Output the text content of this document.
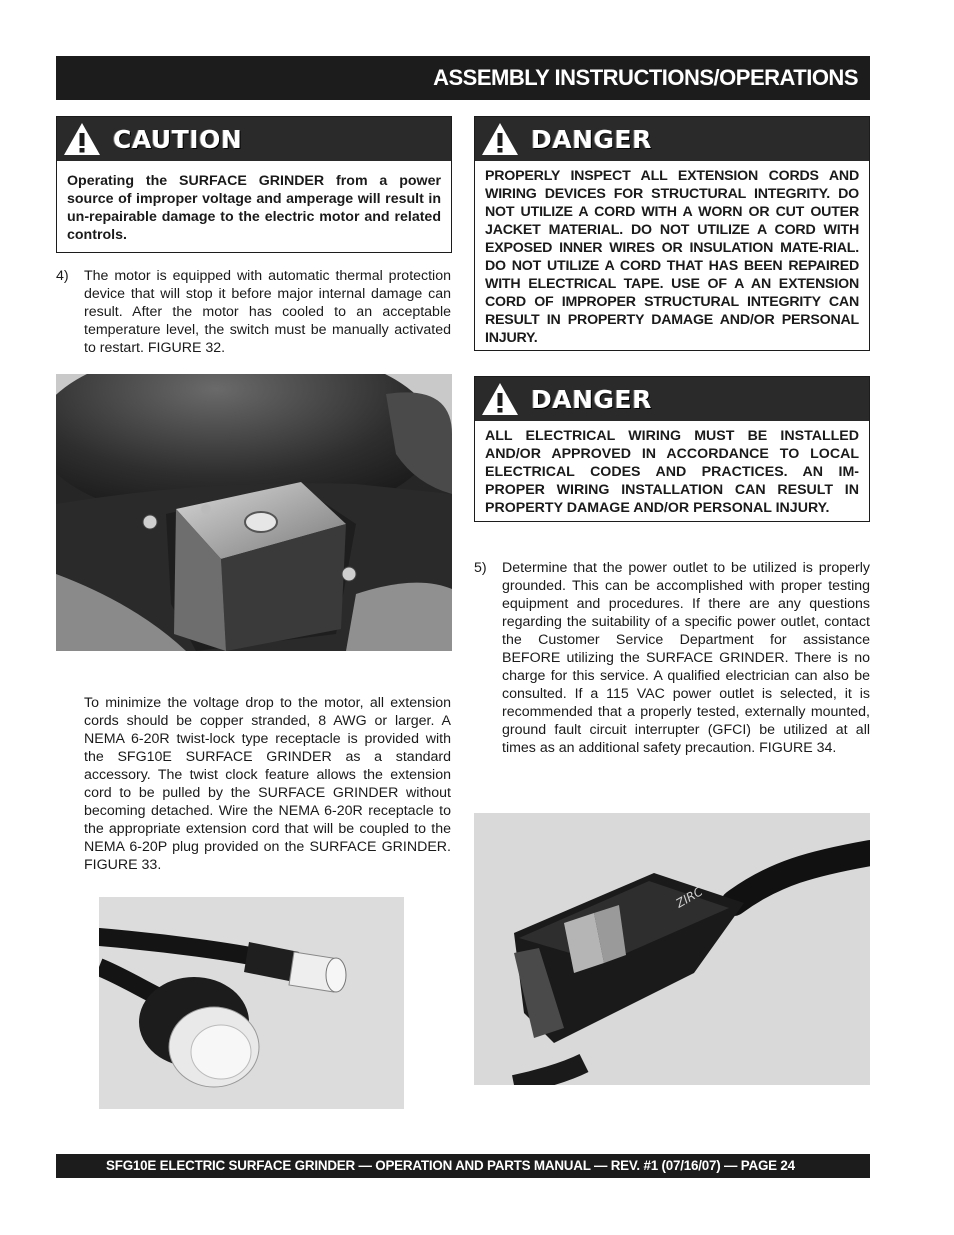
ASSEMBLY INSTRUCTIONS/OPERATIONS
CAUTION

Operating the SURFACE GRINDER from a power source of improper voltage and amperage will result in un-repairable damage to the electric motor and related controls.

DANGER

PROPERLY INSPECT ALL EXTENSION CORDS AND WIRING DEVICES FOR STRUCTURAL INTEGRITY. DO NOT UTILIZE A CORD WITH A WORN OR CUT OUTER JACKET MATERIAL. DO NOT UTILIZE A CORD WITH EXPOSED INNER WIRES OR INSULATION MATE-RIAL. DO NOT UTILIZE A CORD THAT HAS BEEN REPAIRED WITH ELECTRICAL TAPE. USE OF A AN EXTENSION CORD OF IMPROPER STRUCTURAL INTEGRITY CAN RESULT IN PROPERTY DAMAGE AND/OR PERSONAL INJURY.

4) The motor is equipped with automatic thermal protection device that will stop it before major internal damage can result. After the motor has cooled to an acceptable temperature level, the switch must be manually activated to restart. FIGURE 32.

DANGER

ALL ELECTRICAL WIRING MUST BE INSTALLED AND/OR APPROVED IN ACCORDANCE TO LOCAL ELECTRICAL CODES AND PRACTICES. AN IM-PROPER WIRING INSTALLATION CAN RESULT IN PROPERTY DAMAGE AND/OR PERSONAL INJURY.

5) Determine that the power outlet to be utilized is properly grounded. This can be accomplished with proper testing equipment and procedures. If there are any questions regarding the suitability of a specific power outlet, contact the Customer Service Department for assistance BEFORE utilizing the SURFACE GRINDER. There is no charge for this service. A qualified electrician can also be consulted. If a 115 VAC power outlet is selected, it is recommended that a properly tested, externally mounted, ground fault circuit interrupter (GFCI) be utilized at all times as an additional safety precaution. FIGURE 34.

To minimize the voltage drop to the motor, all extension cords should be copper stranded, 8 AWG or larger. A NEMA 6-20R twist-lock type receptacle is provided with the SFG10E SURFACE GRINDER as a standard accessory. The twist clock feature allows the extension cord to be pulled by the SURFACE GRINDER without becoming detached. Wire the NEMA 6-20R receptacle to the appropriate extension cord that will be coupled to the NEMA 6-20P plug provided on the SURFACE GRINDER. FIGURE 33.

ZIRC
SFG10E ELECTRIC SURFACE GRINDER — OPERATION AND PARTS MANUAL — REV. #1 (07/16/07) — PAGE 24
